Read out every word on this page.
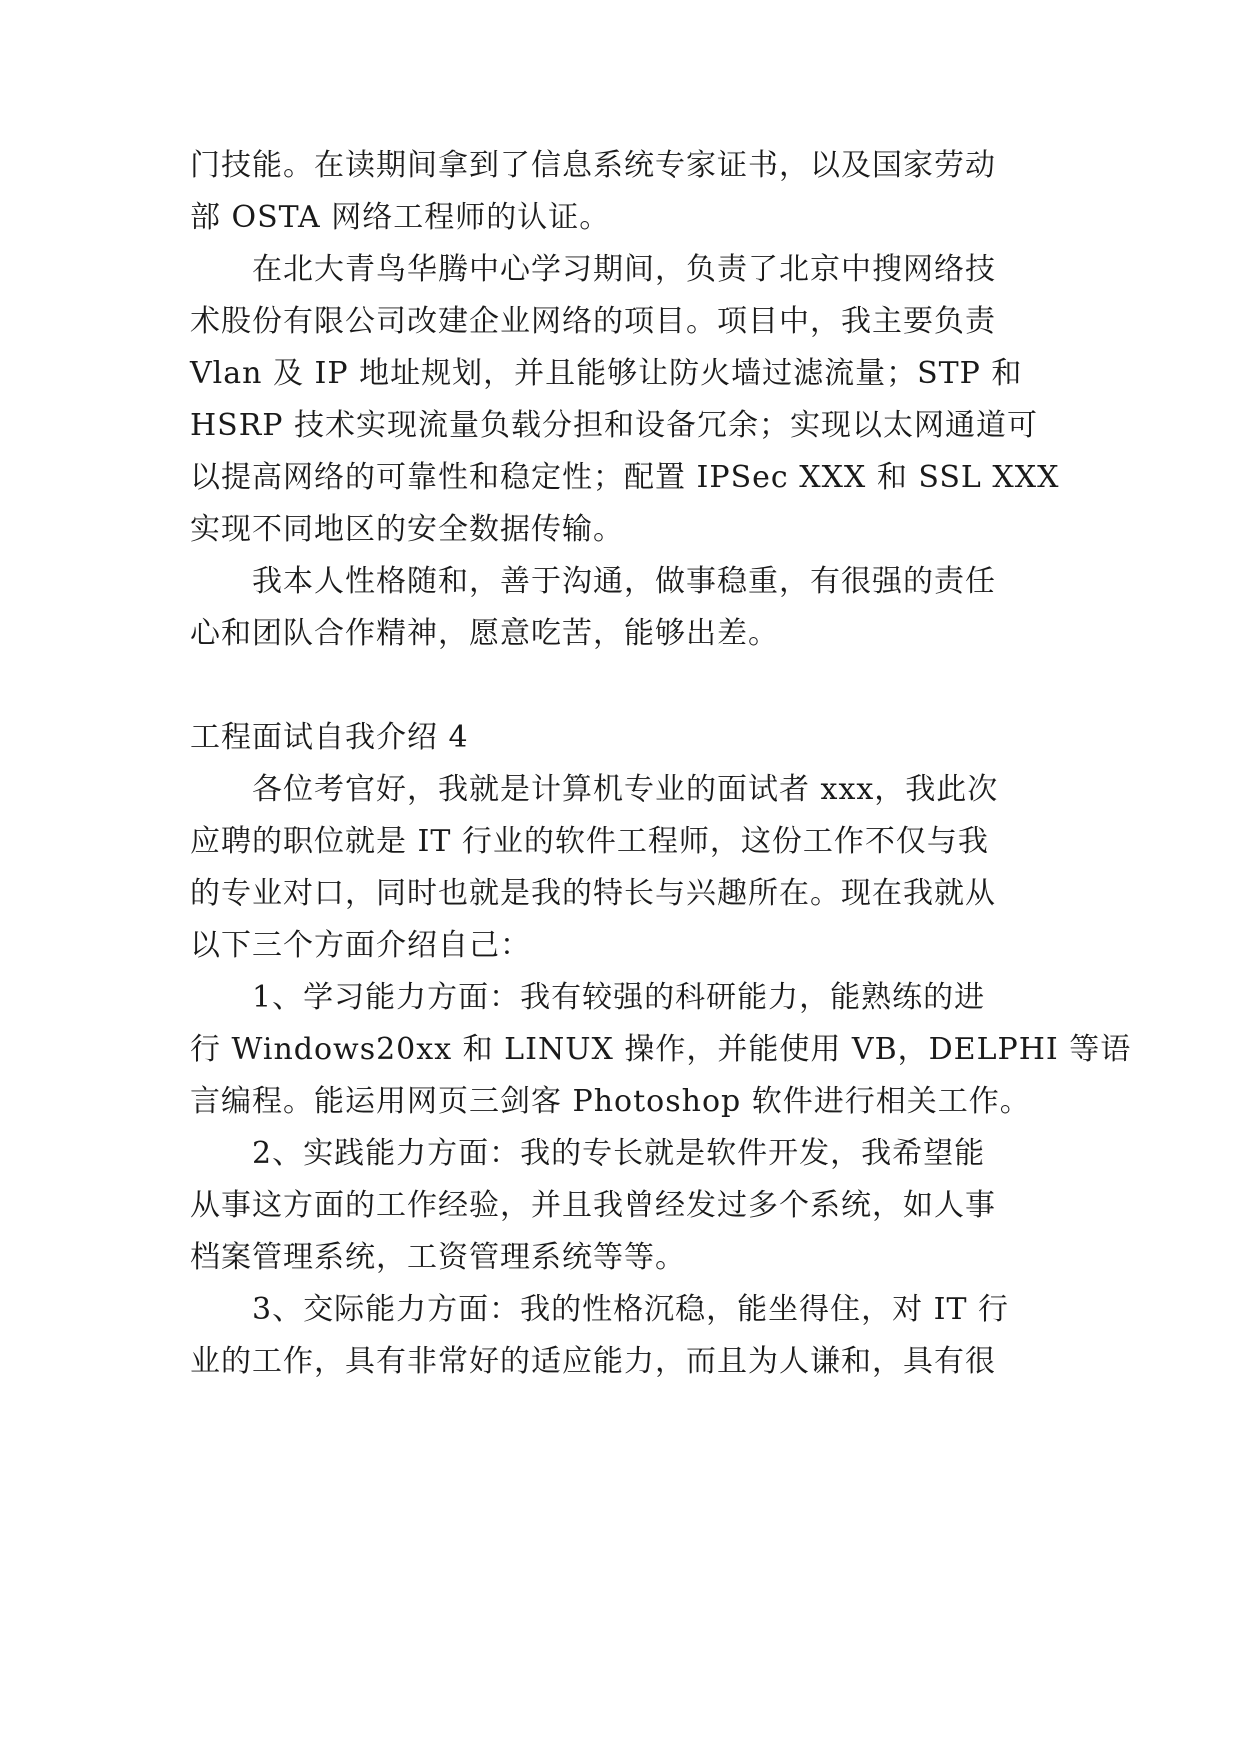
门技能。在读期间拿到了信息系统专家证书，以及国家劳动

部 OSTA 网络工程师的认证。

在北大青鸟华腾中心学习期间，负责了北京中搜网络技

术股份有限公司改建企业网络的项目。项目中，我主要负责

Vlan 及 IP 地址规划，并且能够让防火墙过滤流量；STP 和

HSRP 技术实现流量负载分担和设备冗余；实现以太网通道可

以提高网络的可靠性和稳定性；配置 IPSec XXX 和 SSL XXX

实现不同地区的安全数据传输。

我本人性格随和，善于沟通，做事稳重，有很强的责任

心和团队合作精神，愿意吃苦，能够出差。

工程面试自我介绍 4

各位考官好，我就是计算机专业的面试者 xxx，我此次

应聘的职位就是 IT 行业的软件工程师，这份工作不仅与我

的专业对口，同时也就是我的特长与兴趣所在。现在我就从

以下三个方面介绍自己：

1、学习能力方面：我有较强的科研能力，能熟练的进

行 Windows20xx 和 LINUX 操作，并能使用 VB，DELPHI 等语

言编程。能运用网页三剑客 Photoshop 软件进行相关工作。

2、实践能力方面：我的专长就是软件开发，我希望能

从事这方面的工作经验，并且我曾经发过多个系统，如人事

档案管理系统，工资管理系统等等。

3、交际能力方面：我的性格沉稳，能坐得住，对 IT 行

业的工作，具有非常好的适应能力，而且为人谦和，具有很
